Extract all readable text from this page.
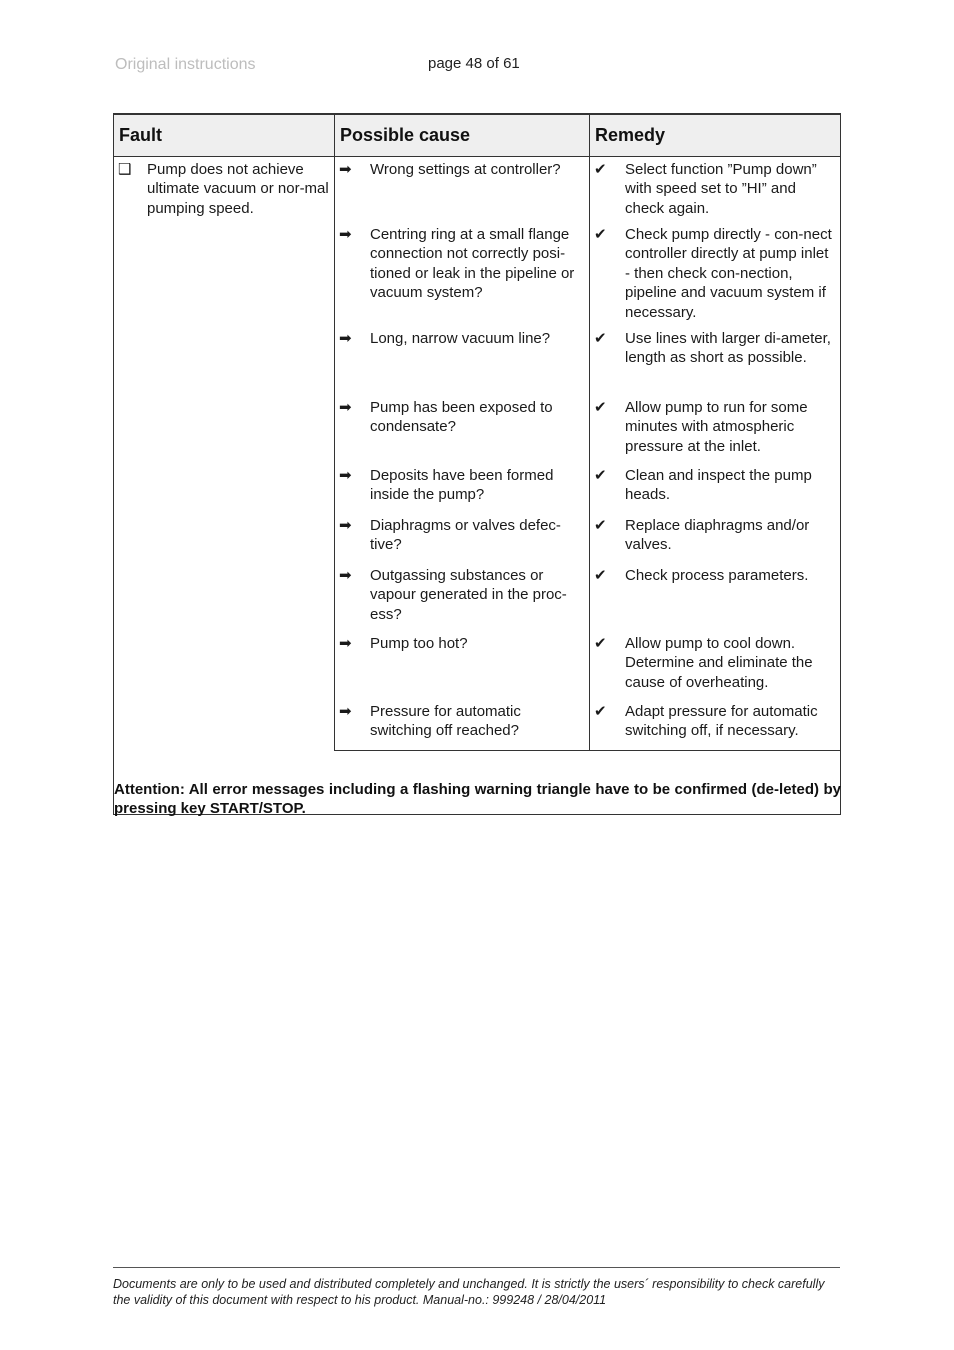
Original instructions	page 48 of 61
Fault	Possible cause	Remedy

❑ Pump does not achieve ultimate vacuum or nor-mal pumping speed.	➡ Wrong settings at controller?	✔ Select function ”Pump down” with speed set to ”HI” and check again.

	➡ Centring ring at a small flange connection not correctly posi-tioned or leak in the pipeline or vacuum system?	✔ Check pump directly - con-nect controller directly at pump inlet - then check con-nection, pipeline and vacuum system if necessary.

	➡ Long, narrow vacuum line?	✔ Use lines with larger di-ameter, length as short as possible.

	➡ Pump has been exposed to condensate?	✔ Allow pump to run for some minutes with atmospheric pressure at the inlet.

	➡ Deposits have been formed inside the pump?	✔ Clean and inspect the pump heads.

	➡ Diaphragms or valves defec-tive?	✔ Replace diaphragms and/or valves.

	➡ Outgassing substances or vapour generated in the proc-ess?	✔ Check process parameters.

	➡ Pump too hot?	✔ Allow pump to cool down. Determine and eliminate the cause of overheating.

	➡ Pressure for automatic switching off reached?	✔ Adapt pressure for automatic switching off, if necessary.
Attention: All error messages including a flashing warning triangle have to be confirmed (de-leted) by pressing key START/STOP.
Documents are only to be used and distributed completely and unchanged. It is strictly the users´ responsibility to check carefully the validity of this document with respect to his product. Manual-no.: 999248 / 28/04/2011
